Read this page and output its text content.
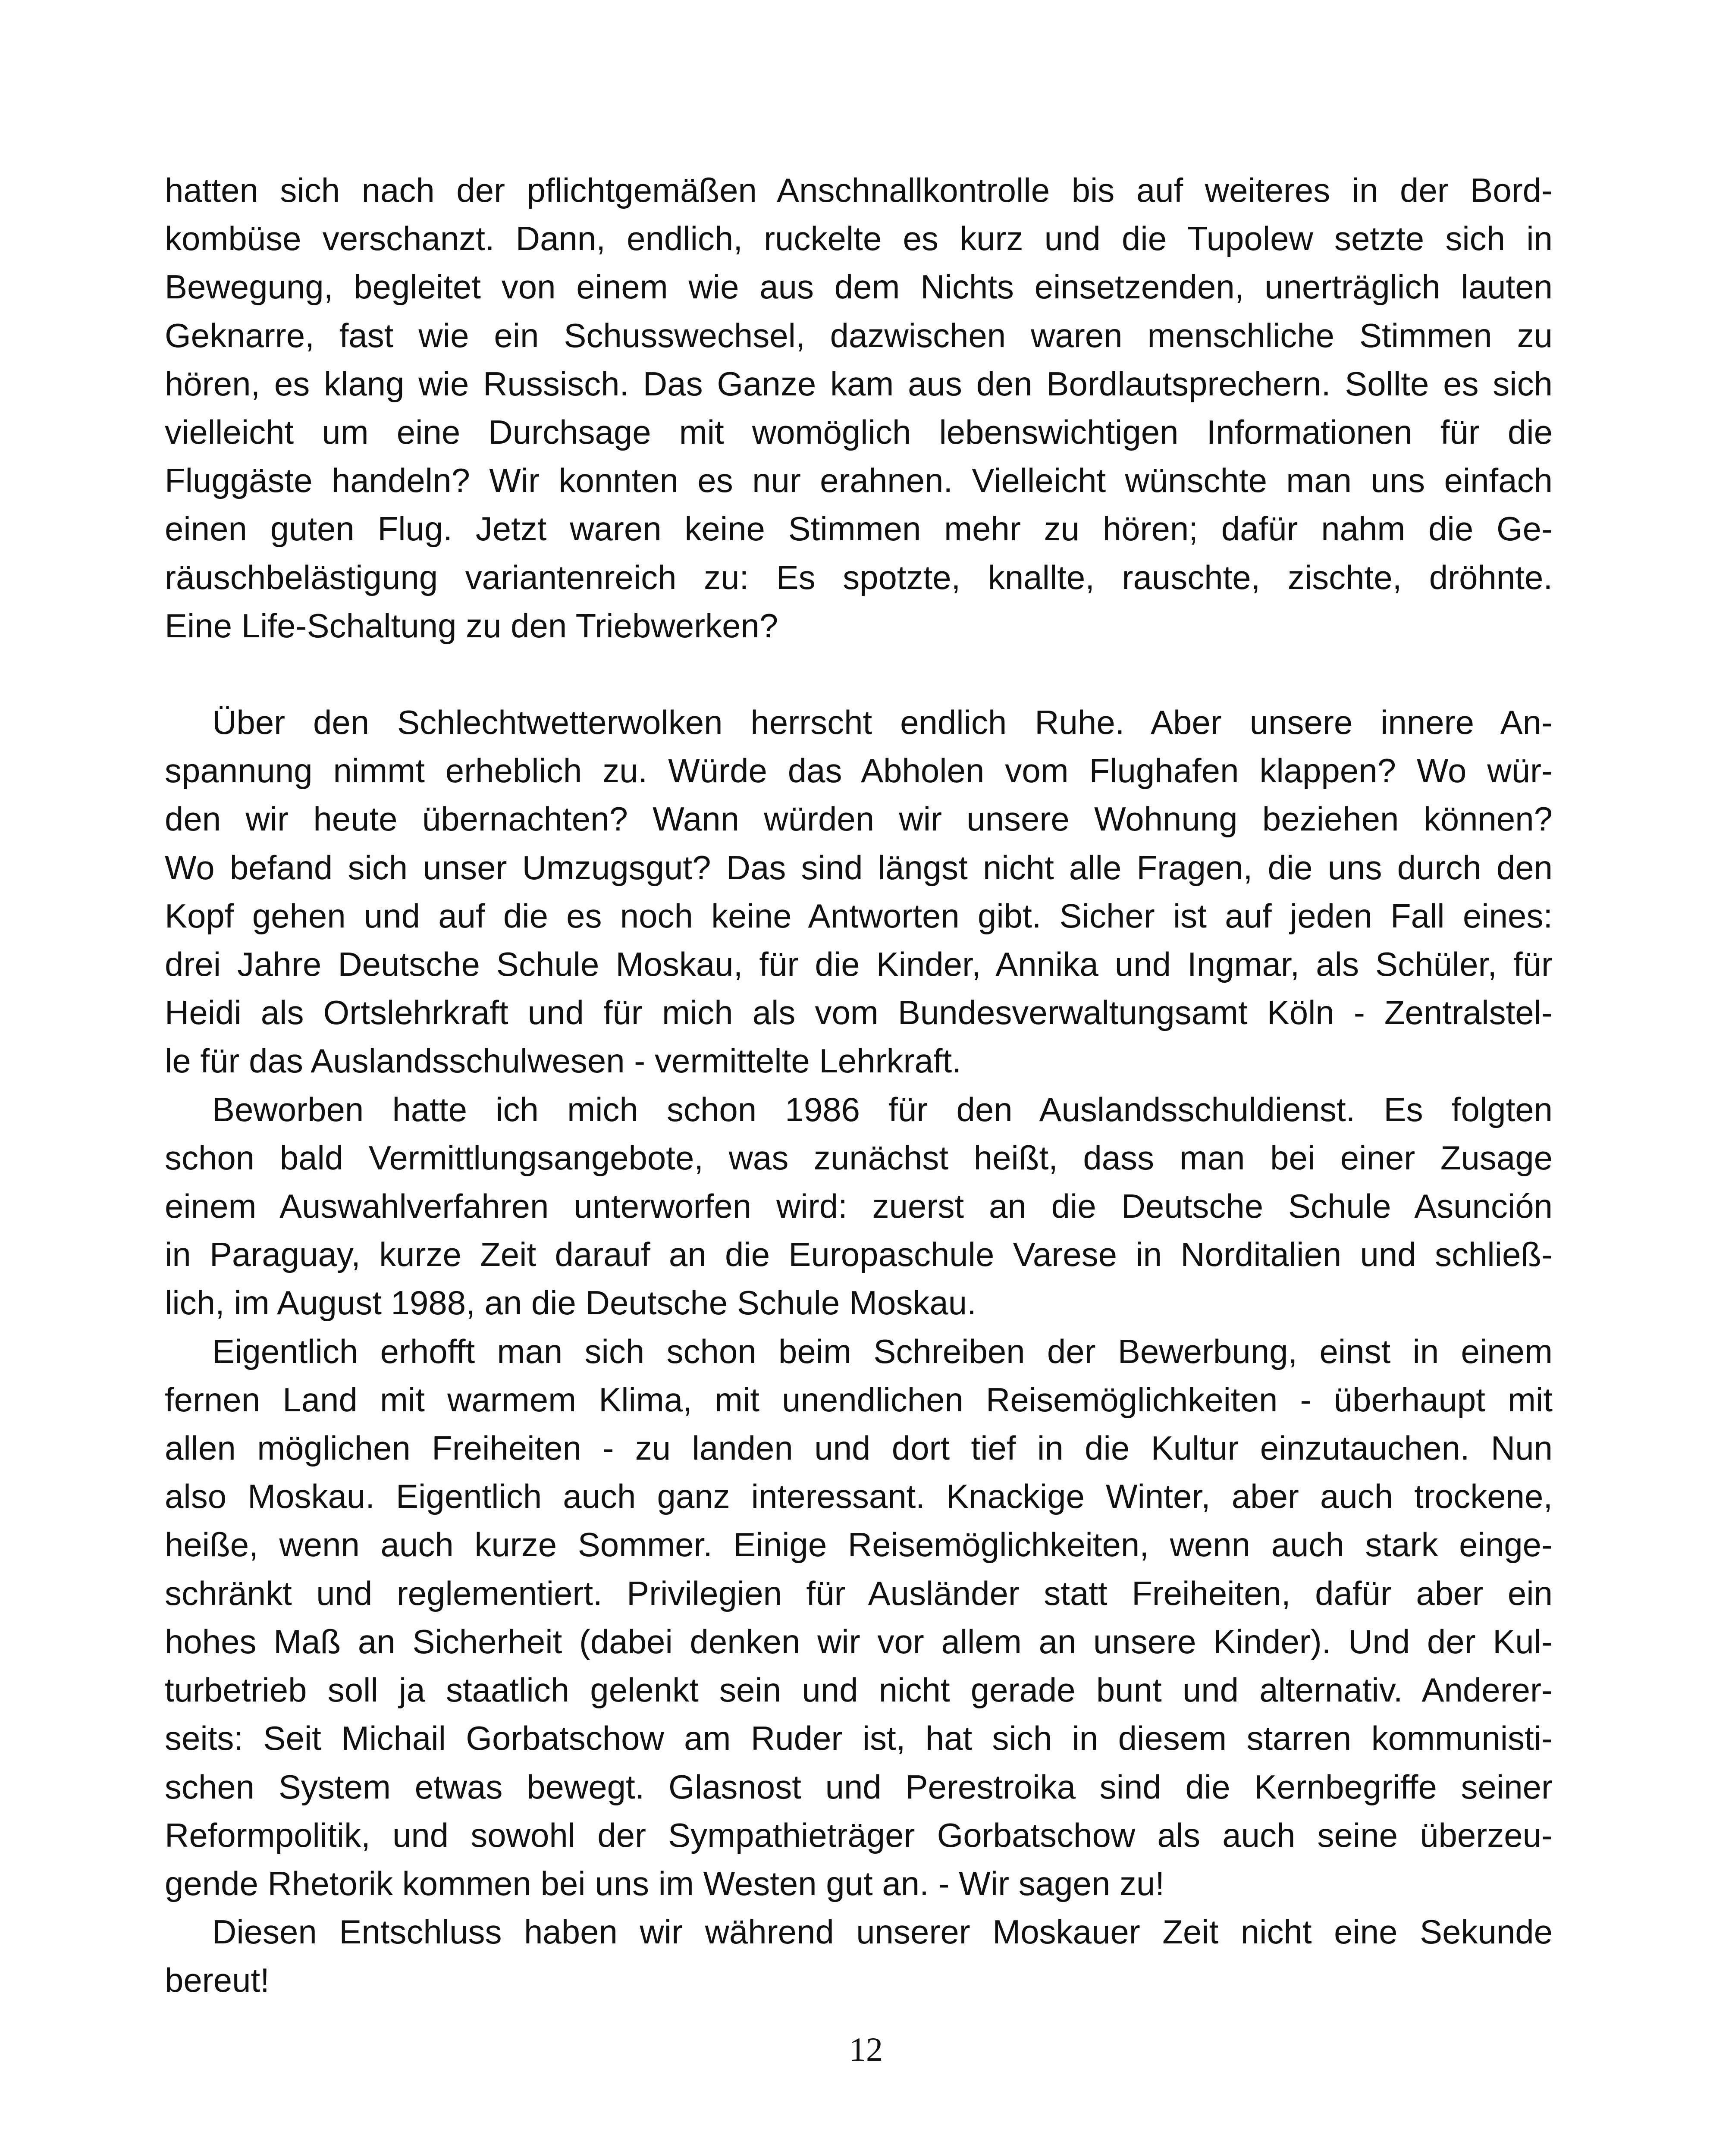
hatten sich nach der pflichtgemäßen Anschnallkontrolle bis auf weiteres in der Bord-
kombüse verschanzt. Dann, endlich, ruckelte es kurz und die Tupolew setzte sich in
Bewegung, begleitet von einem wie aus dem Nichts einsetzenden, unerträglich lauten
Geknarre, fast wie ein Schusswechsel, dazwischen waren menschliche Stimmen zu
hören, es klang wie Russisch. Das Ganze kam aus den Bordlautsprechern. Sollte es sich
vielleicht um eine Durchsage mit womöglich lebenswichtigen Informationen für die
Fluggäste handeln? Wir konnten es nur erahnen. Vielleicht wünschte man uns einfach
einen guten Flug. Jetzt waren keine Stimmen mehr zu hören; dafür nahm die Ge-
räuschbelästigung variantenreich zu: Es spotzte, knallte, rauschte, zischte, dröhnte.
Eine Life-Schaltung zu den Triebwerken?

Über den Schlechtwetterwolken herrscht endlich Ruhe. Aber unsere innere An-
spannung nimmt erheblich zu. Würde das Abholen vom Flughafen klappen? Wo wür-
den wir heute übernachten? Wann würden wir unsere Wohnung beziehen können?
Wo befand sich unser Umzugsgut? Das sind längst nicht alle Fragen, die uns durch den
Kopf gehen und auf die es noch keine Antworten gibt. Sicher ist auf jeden Fall eines:
drei Jahre Deutsche Schule Moskau, für die Kinder, Annika und Ingmar, als Schüler, für
Heidi als Ortslehrkraft und für mich als vom Bundesverwaltungsamt Köln - Zentralstel-
le für das Auslandsschulwesen - vermittelte Lehrkraft.

Beworben hatte ich mich schon 1986 für den Auslandsschuldienst. Es folgten
schon bald Vermittlungsangebote, was zunächst heißt, dass man bei einer Zusage
einem Auswahlverfahren unterworfen wird: zuerst an die Deutsche Schule Asunción
in Paraguay, kurze Zeit darauf an die Europaschule Varese in Norditalien und schließ-
lich, im August 1988, an die Deutsche Schule Moskau.

Eigentlich erhofft man sich schon beim Schreiben der Bewerbung, einst in einem
fernen Land mit warmem Klima, mit unendlichen Reisemöglichkeiten - überhaupt mit
allen möglichen Freiheiten - zu landen und dort tief in die Kultur einzutauchen. Nun
also Moskau. Eigentlich auch ganz interessant. Knackige Winter, aber auch trockene,
heiße, wenn auch kurze Sommer. Einige Reisemöglichkeiten, wenn auch stark einge-
schränkt und reglementiert. Privilegien für Ausländer statt Freiheiten, dafür aber ein
hohes Maß an Sicherheit (dabei denken wir vor allem an unsere Kinder). Und der Kul-
turbetrieb soll ja staatlich gelenkt sein und nicht gerade bunt und alternativ. Anderer-
seits: Seit Michail Gorbatschow am Ruder ist, hat sich in diesem starren kommunisti-
schen System etwas bewegt. Glasnost und Perestroika sind die Kernbegriffe seiner
Reformpolitik, und sowohl der Sympathieträger Gorbatschow als auch seine überzeu-
gende Rhetorik kommen bei uns im Westen gut an. - Wir sagen zu!

Diesen Entschluss haben wir während unserer Moskauer Zeit nicht eine Sekunde
bereut!

12
